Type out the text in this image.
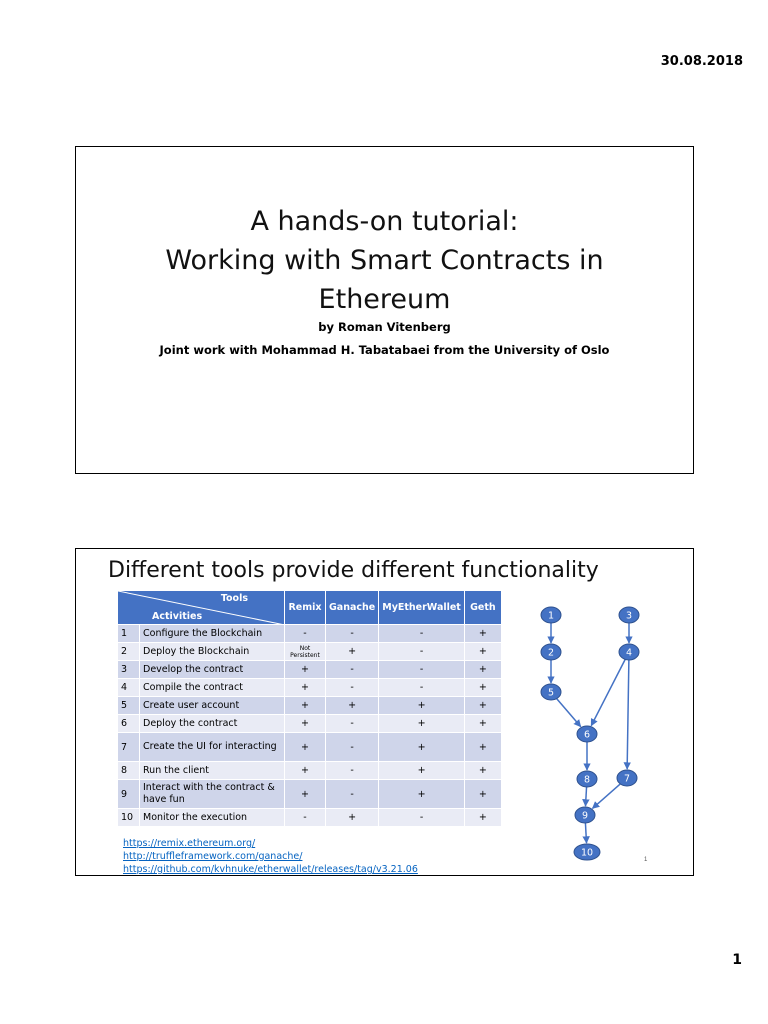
30.08.2018
A hands-on tutorial:
Working with Smart Contracts in
Ethereum
by Roman Vitenberg
Joint work with Mohammad H. Tabatabaei from the University of Oslo
Different tools provide different functionality
Tools
Activities		Remix	Ganache	MyEtherWallet	Geth
1	Configure the Blockchain	-	-	-	+
2	Deploy the Blockchain	Not Persistent	+	-	+
3	Develop the contract	+	-	-	+
4	Compile the contract	+	-	-	+
5	Create user account	+	+	+	+
6	Deploy the contract	+	-	+	+
7	Create the UI for interacting	+	-	+	+
8	Run the client	+	-	+	+
9	Interact with the contract & have fun	+	-	+	+
10	Monitor the execution	-	+	-	+
https://remix.ethereum.org/
http://truffleframework.com/ganache/
https://github.com/kvhnuke/etherwallet/releases/tag/v3.21.06
1
2
3
4
5
6
7
8
9
10
1
1
